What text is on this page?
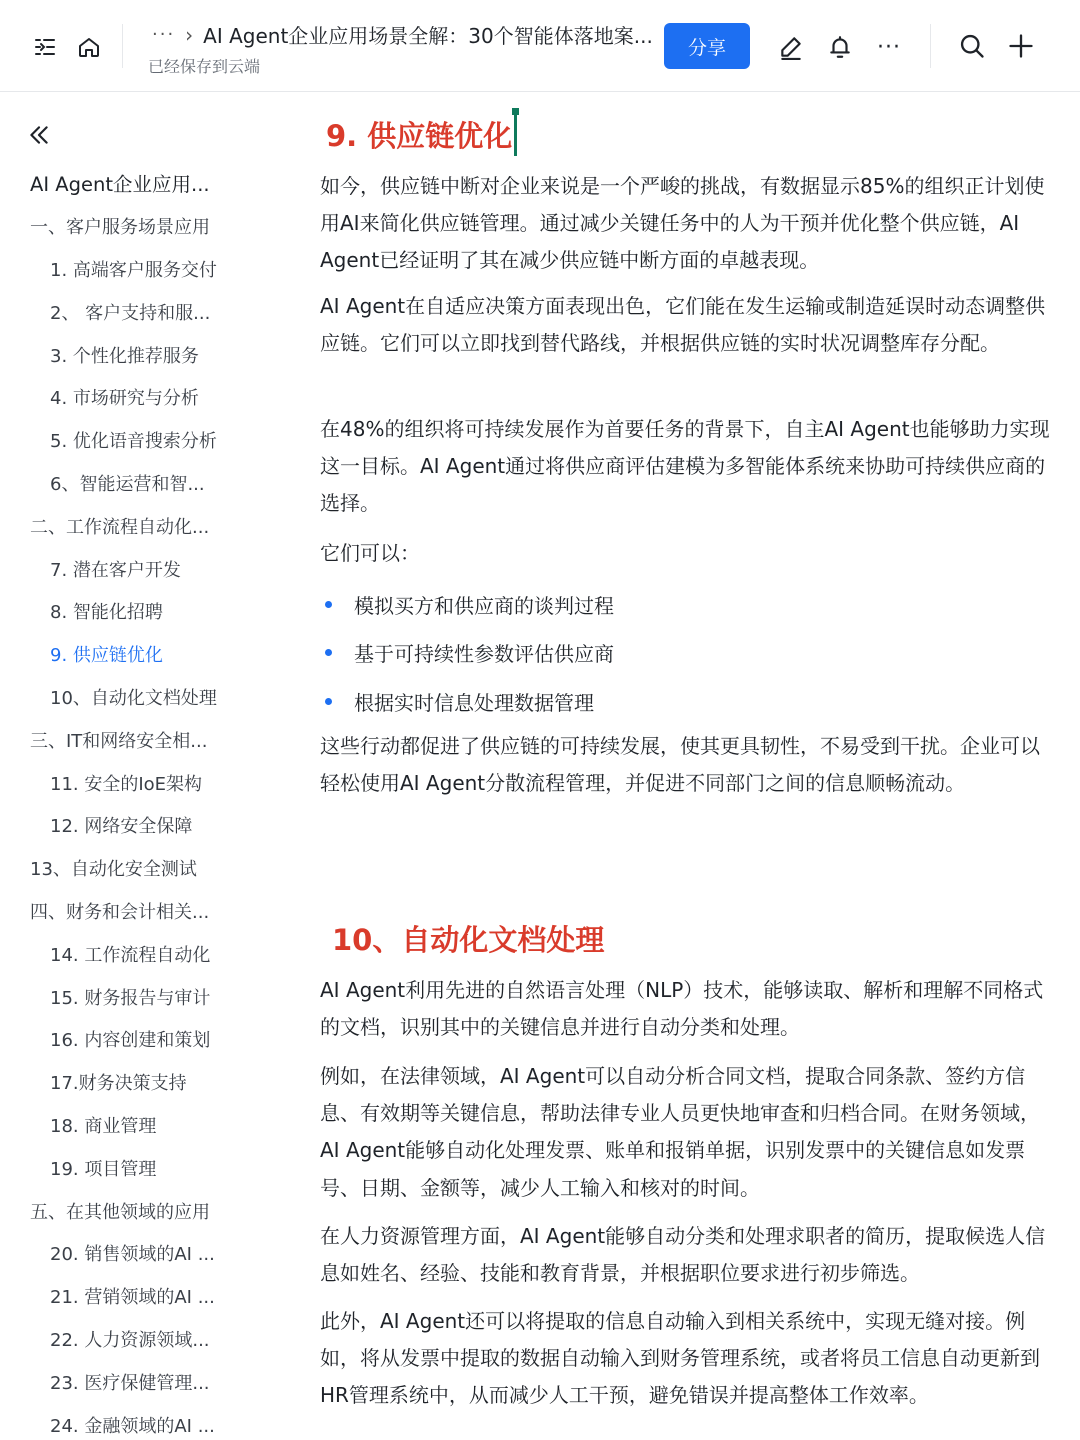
··· › AI Agent企业应用场景全解：30个智能体落地案...
已经保存到云端
分享	···
AI Agent企业应用...
一、客户服务场景应用
1. 高端客户服务交付
2、 客户支持和服...
3. 个性化推荐服务
4. 市场研究与分析
5. 优化语音搜索分析
6、智能运营和智...
二、工作流程自动化...
7. 潜在客户开发
8. 智能化招聘
9. 供应链优化
10、自动化文档处理
三、IT和网络安全相...
11. 安全的IoE架构
12. 网络安全保障
13、自动化安全测试
四、财务和会计相关...
14. 工作流程自动化
15. 财务报告与审计
16. 内容创建和策划
17.财务决策支持
18. 商业管理
19. 项目管理
五、在其他领域的应用
20. 销售领域的AI ...
21. 营销领域的AI ...
22. 人力资源领域...
23. 医疗保健管理...
24. 金融领域的AI ...
9. 供应链优化

如今，供应链中断对企业来说是一个严峻的挑战，有数据显示85%的组织正计划使用AI来简化供应链管理。通过减少关键任务中的人为干预并优化整个供应链，AI Agent已经证明了其在减少供应链中断方面的卓越表现。

AI Agent在自适应决策方面表现出色，它们能在发生运输或制造延误时动态调整供应链。它们可以立即找到替代路线，并根据供应链的实时状况调整库存分配。

在48%的组织将可持续发展作为首要任务的背景下，自主AI Agent也能够助力实现这一目标。AI Agent通过将供应商评估建模为多智能体系统来协助可持续供应商的选择。

它们可以：

模拟买方和供应商的谈判过程
基于可持续性参数评估供应商
根据实时信息处理数据管理

这些行动都促进了供应链的可持续发展，使其更具韧性，不易受到干扰。企业可以轻松使用AI Agent分散流程管理，并促进不同部门之间的信息顺畅流动。

10、自动化文档处理

AI Agent利用先进的自然语言处理（NLP）技术，能够读取、解析和理解不同格式的文档，识别其中的关键信息并进行自动分类和处理。

例如，在法律领域，AI Agent可以自动分析合同文档，提取合同条款、签约方信息、有效期等关键信息，帮助法律专业人员更快地审查和归档合同。在财务领域，AI Agent能够自动化处理发票、账单和报销单据，识别发票中的关键信息如发票号、日期、金额等，减少人工输入和核对的时间。

在人力资源管理方面，AI Agent能够自动分类和处理求职者的简历，提取候选人信息如姓名、经验、技能和教育背景，并根据职位要求进行初步筛选。

此外，AI Agent还可以将提取的信息自动输入到相关系统中，实现无缝对接。例如，将从发票中提取的数据自动输入到财务管理系统，或者将员工信息自动更新到HR管理系统中，从而减少人工干预，避免错误并提高整体工作效率。
